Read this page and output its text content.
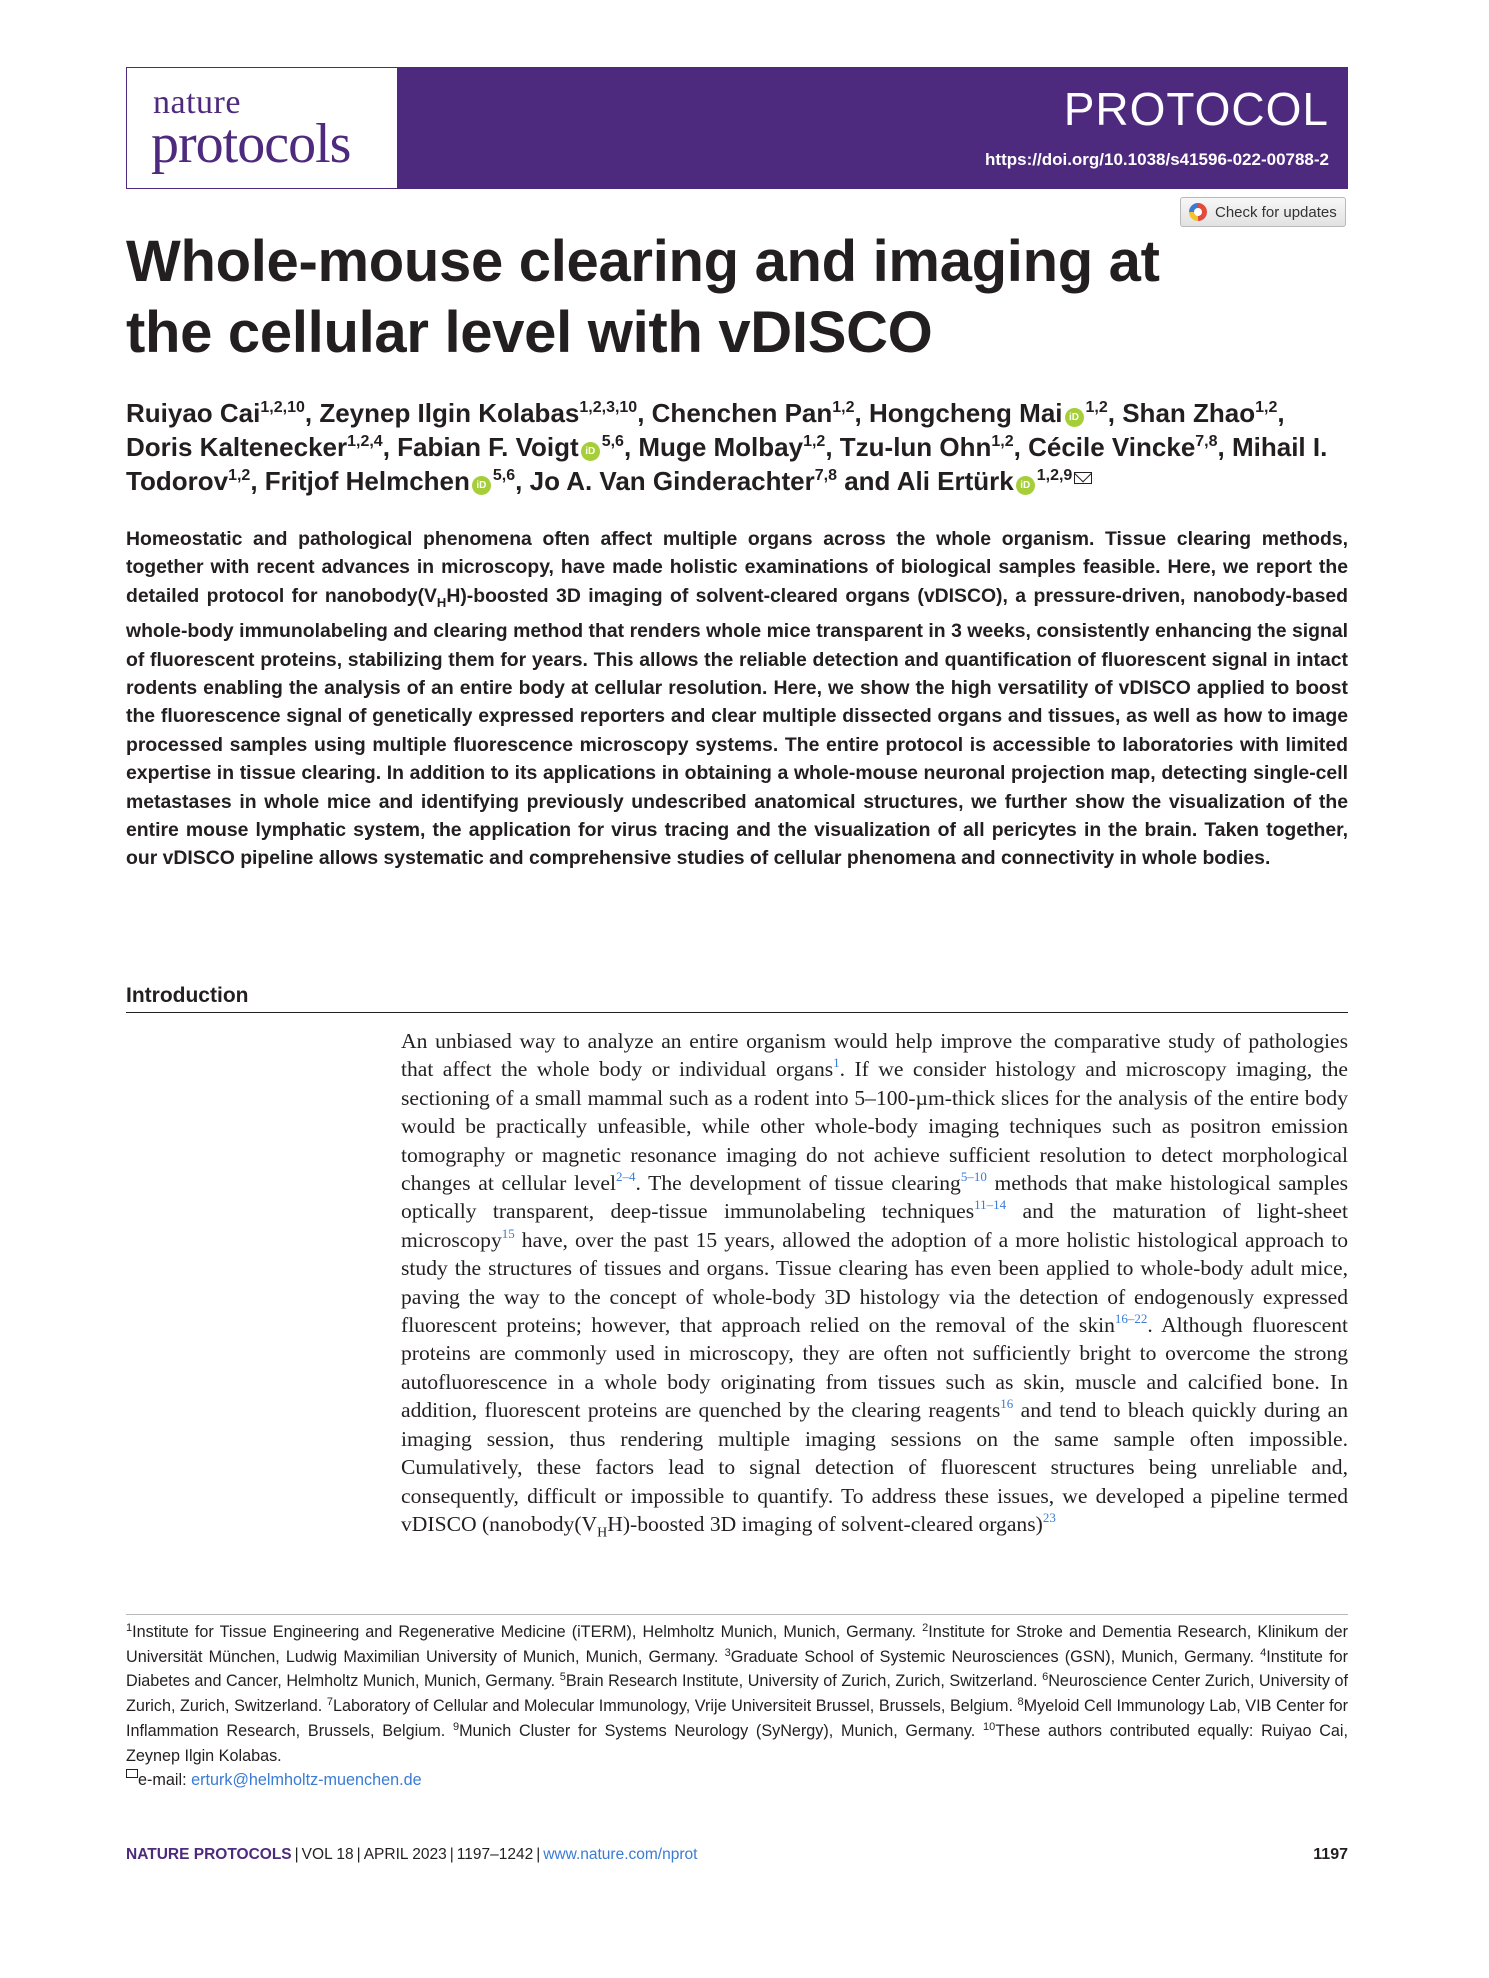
nature
protocols
PROTOCOL
https://doi.org/10.1038/s41596-022-00788-2
Check for updates
Whole-mouse clearing and imaging at the cellular level with vDISCO
Ruiyao Cai$^{1,2,10}$, Zeynep Ilgin Kolabas$^{1,2,3,10}$, Chenchen Pan$^{1,2}$, Hongcheng Mai iD$^{1,2}$, Shan Zhao$^{1,2}$, Doris Kaltenecker$^{1,2,4}$, Fabian F. Voigt iD$^{5,6}$, Muge Molbay$^{1,2}$, Tzu-lun Ohn$^{1,2}$, Cécile Vincke$^{7,8}$, Mihail I. Todorov$^{1,2}$, Fritjof Helmchen iD$^{5,6}$, Jo A. Van Ginderachter$^{7,8}$ and Ali Ertürk iD$^{1,2,9}$

Homeostatic and pathological phenomena often affect multiple organs across the whole organism. Tissue clearing methods, together with recent advances in microscopy, have made holistic examinations of biological samples feasible. Here, we report the detailed protocol for $nanobody(V_HH)$-boosted 3D imaging of solvent-cleared organs (vDISCO), a pressure-driven, nanobody-based whole-body immunolabeling and clearing method that renders whole mice transparent in 3 weeks, consistently enhancing the signal of fluorescent proteins, stabilizing them for years. This allows the reliable detection and quantification of fluorescent signal in intact rodents enabling the analysis of an entire body at cellular resolution. Here, we show the high versatility of vDISCO applied to boost the fluorescence signal of genetically expressed reporters and clear multiple dissected organs and tissues, as well as how to image processed samples using multiple fluorescence microscopy systems. The entire protocol is accessible to laboratories with limited expertise in tissue clearing. In addition to its applications in obtaining a whole-mouse neuronal projection map, detecting single-cell metastases in whole mice and identifying previously undescribed anatomical structures, we further show the visualization of the entire mouse lymphatic system, the application for virus tracing and the visualization of all pericytes in the brain. Taken together, our vDISCO pipeline allows systematic and comprehensive studies of cellular phenomena and connectivity in whole bodies.

Introduction

An unbiased way to analyze an entire organism would help improve the comparative study of pathologies that affect the whole body or individual organs$^1$. If we consider histology and microscopy imaging, the sectioning of a small mammal such as a rodent into 5–100-µm-thick slices for the analysis of the entire body would be practically unfeasible, while other whole-body imaging techniques such as positron emission tomography or magnetic resonance imaging do not achieve sufficient resolution to detect morphological changes at cellular level$^{2-4}$. The development of tissue clearing$^{5-10}$ methods that make histological samples optically transparent, deep-tissue immunolabeling techniques$^{11-14}$ and the maturation of light-sheet microscopy$^{15}$ have, over the past 15 years, allowed the adoption of a more holistic histological approach to study the structures of tissues and organs. Tissue clearing has even been applied to whole-body adult mice, paving the way to the concept of whole-body 3D histology via the detection of endogenously expressed fluorescent proteins; however, that approach relied on the removal of the skin$^{16-22}$. Although fluorescent proteins are commonly used in microscopy, they are often not sufficiently bright to overcome the strong autofluorescence in a whole body originating from tissues such as skin, muscle and calcified bone. In addition, fluorescent proteins are quenched by the clearing reagents$^{16}$ and tend to bleach quickly during an imaging session, thus rendering multiple imaging sessions on the same sample often impossible. Cumulatively, these factors lead to signal detection of fluorescent structures being unreliable and, consequently, difficult or impossible to quantify. To address these issues, we developed a pipeline termed vDISCO ($nanobody(V_HH)$-boosted 3D imaging of solvent-cleared organs)$^{23}$

$^1$Institute for Tissue Engineering and Regenerative Medicine (iTERM), Helmholtz Munich, Munich, Germany. $^2$Institute for Stroke and Dementia Research, Klinikum der Universität München, Ludwig Maximilian University of Munich, Munich, Germany. $^3$Graduate School of Systemic Neurosciences (GSN), Munich, Germany. $^4$Institute for Diabetes and Cancer, Helmholtz Munich, Munich, Germany. $^5$Brain Research Institute, University of Zurich, Zurich, Switzerland. $^6$Neuroscience Center Zurich, University of Zurich, Zurich, Switzerland. $^7$Laboratory of Cellular and Molecular Immunology, Vrije Universiteit Brussel, Brussels, Belgium. $^8$Myeloid Cell Immunology Lab, VIB Center for Inflammation Research, Brussels, Belgium. $^9$Munich Cluster for Systems Neurology (SyNergy), Munich, Germany. $^{10}$These authors contributed equally: Ruiyao Cai, Zeynep Ilgin Kolabas.
e-mail: erturk@helmholtz-muenchen.de

NATURE PROTOCOLS | VOL 18 | APRIL 2023 | 1197–1242 | www.nature.com/nprot	1197
